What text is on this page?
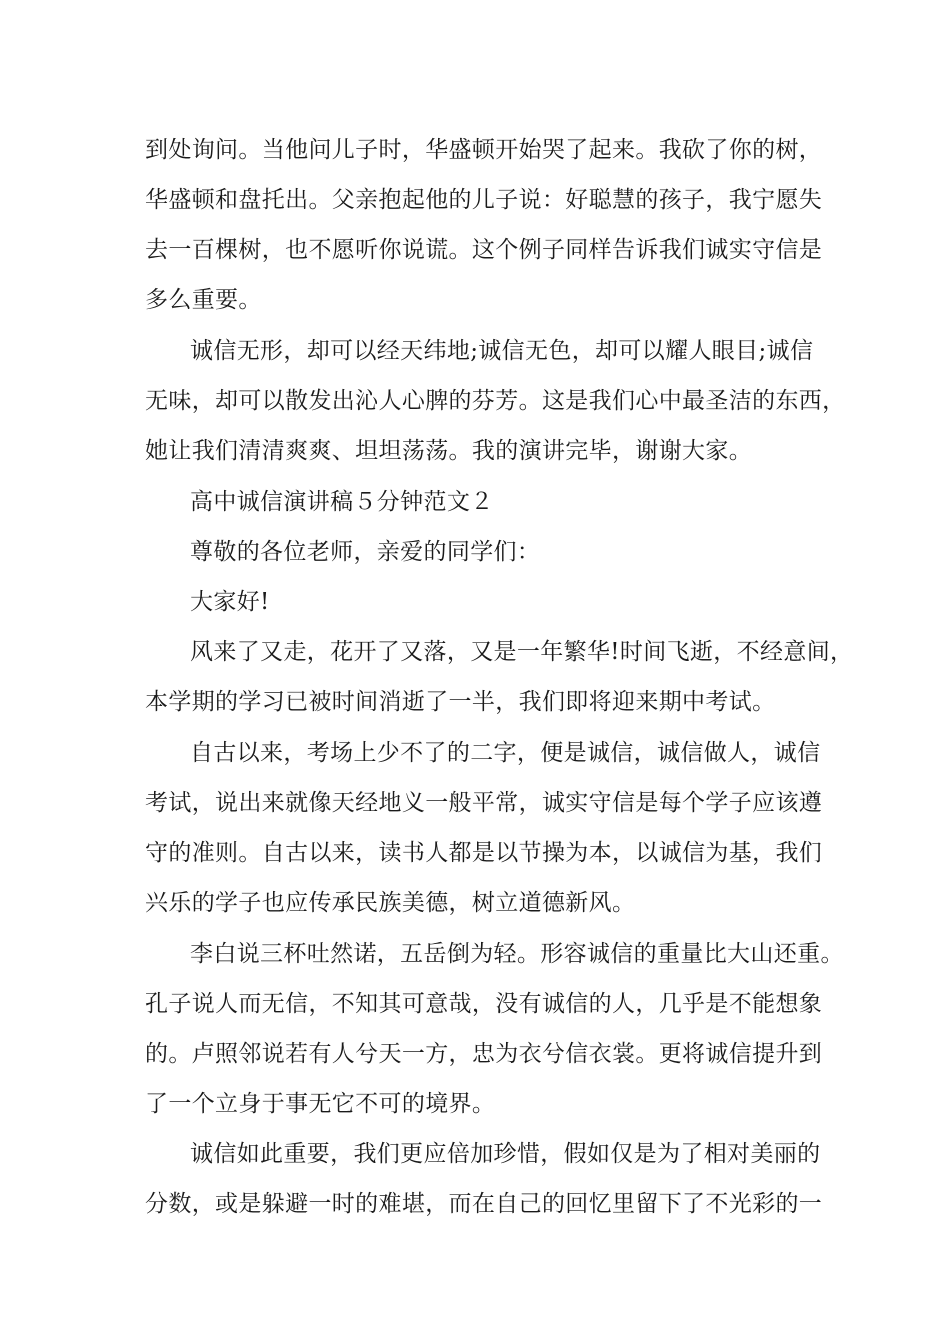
到处询问。当他问儿子时，华盛顿开始哭了起来。我砍了你的树，
华盛顿和盘托出。父亲抱起他的儿子说：好聪慧的孩子，我宁愿失
去一百棵树，也不愿听你说谎。这个例子同样告诉我们诚实守信是
多么重要。
诚信无形，却可以经天纬地;诚信无色，却可以耀人眼目;诚信
无味，却可以散发出沁人心脾的芬芳。这是我们心中最圣洁的东西，
她让我们清清爽爽、坦坦荡荡。我的演讲完毕，谢谢大家。
高中诚信演讲稿５分钟范文２
尊敬的各位老师，亲爱的同学们：
大家好!
风来了又走，花开了又落，又是一年繁华!时间飞逝，不经意间，
本学期的学习已被时间消逝了一半，我们即将迎来期中考试。
自古以来，考场上少不了的二字，便是诚信，诚信做人，诚信
考试，说出来就像天经地义一般平常，诚实守信是每个学子应该遵
守的准则。自古以来，读书人都是以节操为本，以诚信为基，我们
兴乐的学子也应传承民族美德，树立道德新风。
李白说三杯吐然诺，五岳倒为轻。形容诚信的重量比大山还重。
孔子说人而无信，不知其可意哉，没有诚信的人，几乎是不能想象
的。卢照邻说若有人兮天一方，忠为衣兮信衣裳。更将诚信提升到
了一个立身于事无它不可的境界。
诚信如此重要，我们更应倍加珍惜，假如仅是为了相对美丽的
分数，或是躲避一时的难堪，而在自己的回忆里留下了不光彩的一
